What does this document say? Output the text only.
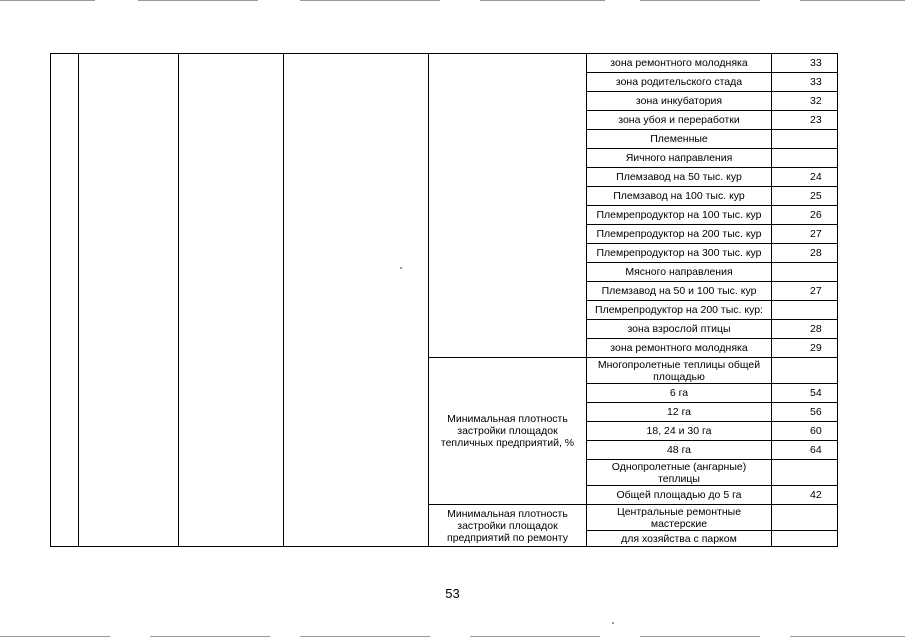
					зона ремонтного молодняка	33
					зона родительского стада	33
					зона инкубатория	32
					зона убоя и переработки	23
					Племенные	
					Яичного направления	
					Племзавод на 50 тыс. кур	24
					Племзавод на 100 тыс. кур	25
					Племрепродуктор на 100 тыс. кур	26
					Племрепродуктор на 200 тыс. кур	27
					Племрепродуктор на 300 тыс. кур	28
					Мясного направления	
					Племзавод на 50 и 100 тыс. кур	27
					Племрепродуктор на 200 тыс. кур:	
					зона взрослой птицы	28
					зона ремонтного молодняка	29
				Минимальная плотность застройки площадок тепличных предприятий, %	Многопролетные теплицы общей площадью	
					6 га	54
					12 га	56
					18, 24 и 30 га	60
					48 га	64
					Однопролетные (ангарные) теплицы	
					Общей площадью до 5 га	42
				Минимальная плотность застройки площадок предприятий по ремонту	Центральные ремонтные мастерские	
					для хозяйства с парком	
53
